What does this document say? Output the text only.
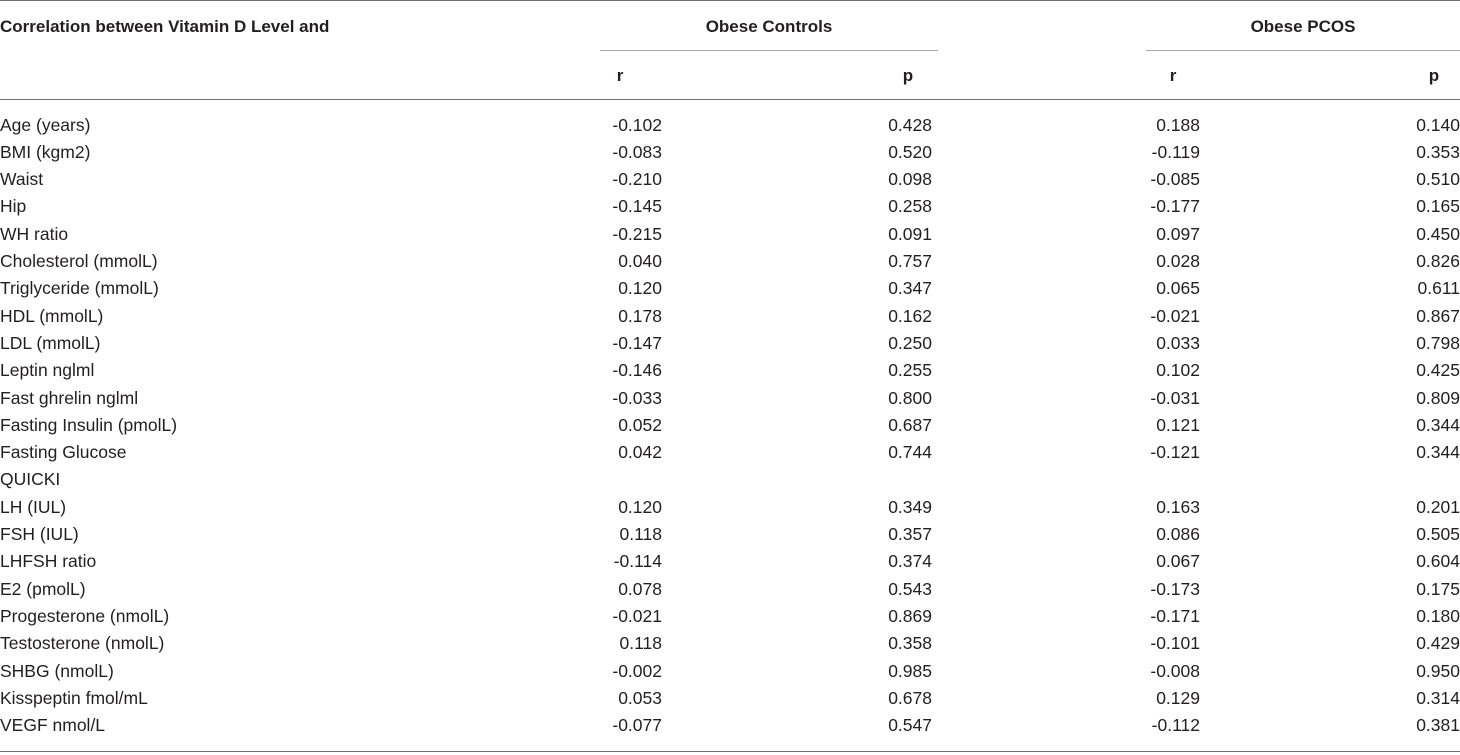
Correlation between Vitamin D Level and	Obese Controls	Obese PCOS
r	p	r	p
Age (years)	-0.102	0.428	0.188	0.140
BMI (kgm2)	-0.083	0.520	-0.119	0.353
Waist	-0.210	0.098	-0.085	0.510
Hip	-0.145	0.258	-0.177	0.165
WH ratio	-0.215	0.091	0.097	0.450
Cholesterol (mmolL)	0.040	0.757	0.028	0.826
Triglyceride (mmolL)	0.120	0.347	0.065	0.611
HDL (mmolL)	0.178	0.162	-0.021	0.867
LDL (mmolL)	-0.147	0.250	0.033	0.798
Leptin nglml	-0.146	0.255	0.102	0.425
Fast ghrelin nglml	-0.033	0.800	-0.031	0.809
Fasting Insulin (pmolL)	0.052	0.687	0.121	0.344
Fasting Glucose	0.042	0.744	-0.121	0.344
QUICKI
LH (IUL)	0.120	0.349	0.163	0.201
FSH (IUL)	0.118	0.357	0.086	0.505
LHFSH ratio	-0.114	0.374	0.067	0.604
E2 (pmolL)	0.078	0.543	-0.173	0.175
Progesterone (nmolL)	-0.021	0.869	-0.171	0.180
Testosterone (nmolL)	0.118	0.358	-0.101	0.429
SHBG (nmolL)	-0.002	0.985	-0.008	0.950
Kisspeptin fmol/mL	0.053	0.678	0.129	0.314
VEGF nmol/L	-0.077	0.547	-0.112	0.381
